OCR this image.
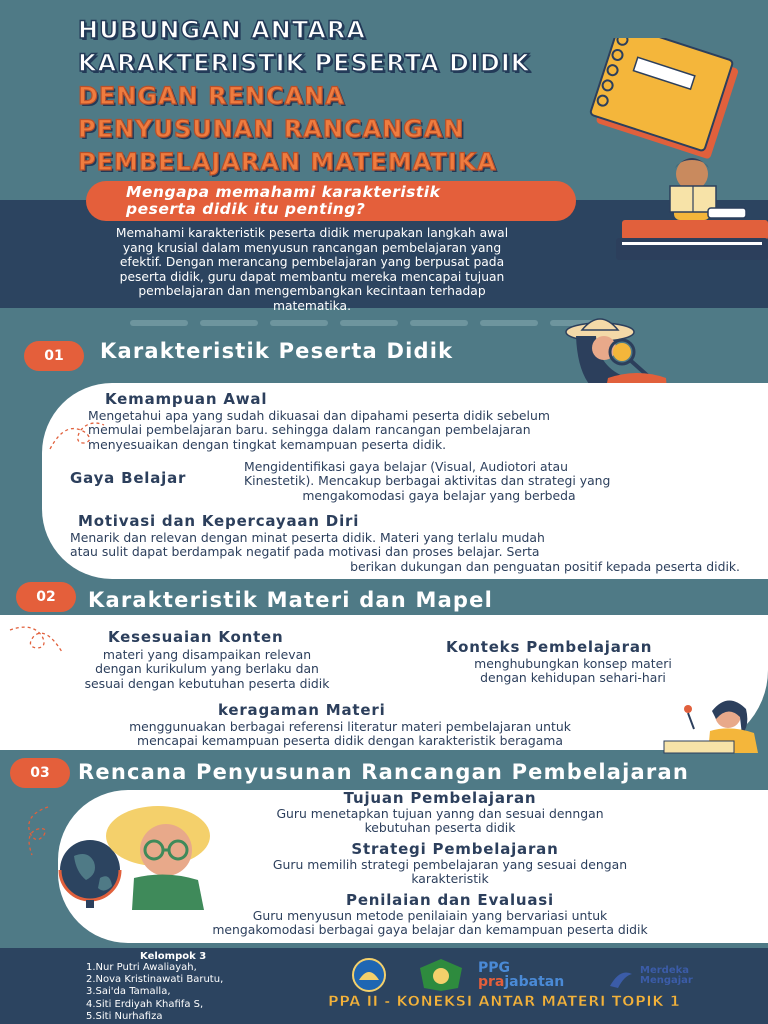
HUBUNGAN ANTARA
KARAKTERISTIK PESERTA DIDIK
DENGAN RENCANA
PENYUSUNAN RANCANGAN
PEMBELAJARAN MATEMATIKA
Mengapa memahami karakteristik
peserta didik itu penting?
Memahami karakteristik peserta didik merupakan langkah awal
yang krusial dalam menyusun rancangan pembelajaran yang
efektif. Dengan merancang pembelajaran yang berpusat pada
peserta didik, guru dapat membantu mereka mencapai tujuan
pembelajaran dan mengembangkan kecintaan terhadap
matematika.
01	Karakteristik Peserta Didik
Kemampuan Awal
Mengetahui apa yang sudah dikuasai dan dipahami peserta didik sebelum
memulai pembelajaran baru. sehingga dalam rancangan pembelajaran
menyesuaikan dengan tingkat kemampuan peserta didik.
Gaya Belajar
Mengidentifikasi gaya belajar (Visual, Audiotori atau
Kinestetik). Mencakup berbagai aktivitas dan strategi yang
mengakomodasi gaya belajar yang berbeda
Motivasi dan Kepercayaan Diri
Menarik dan relevan dengan minat peserta didik. Materi yang terlalu mudah
atau sulit dapat berdampak negatif pada motivasi dan proses belajar. Serta
berikan dukungan dan penguatan positif kepada peserta didik.
02	Karakteristik Materi dan Mapel
Kesesuaian Konten
materi yang disampaikan relevan
dengan kurikulum yang berlaku dan
sesuai dengan kebutuhan peserta didik
Konteks Pembelajaran
menghubungkan konsep materi
dengan kehidupan sehari-hari
keragaman Materi
menggunuakan berbagai referensi literatur materi pembelajaran untuk
mencapai kemampuan peserta didik dengan karakteristik beragama
03	Rencana Penyusunan Rancangan Pembelajaran
Tujuan Pembelajaran
Guru menetapkan tujuan yanng dan sesuai denngan
kebutuhan peserta didik
Strategi Pembelajaran
Guru memilih strategi pembelajaran yang sesuai dengan
karakteristik
Penilaian dan Evaluasi
Guru menyusun metode penilaiain yang bervariasi untuk
mengakomodasi berbagai gaya belajar dan kemampuan peserta didik
Kelompok 3
1.Nur Putri Awaliayah,
2.Nova Kristinawati Barutu,
3.Sai'da Tamalla,
4.Siti Erdiyah Khafifa S,
5.Siti Nurhafiza
PPG
prajabatan
Merdeka
Mengajar
PPA II - KONEKSI ANTAR MATERI TOPIK 1
